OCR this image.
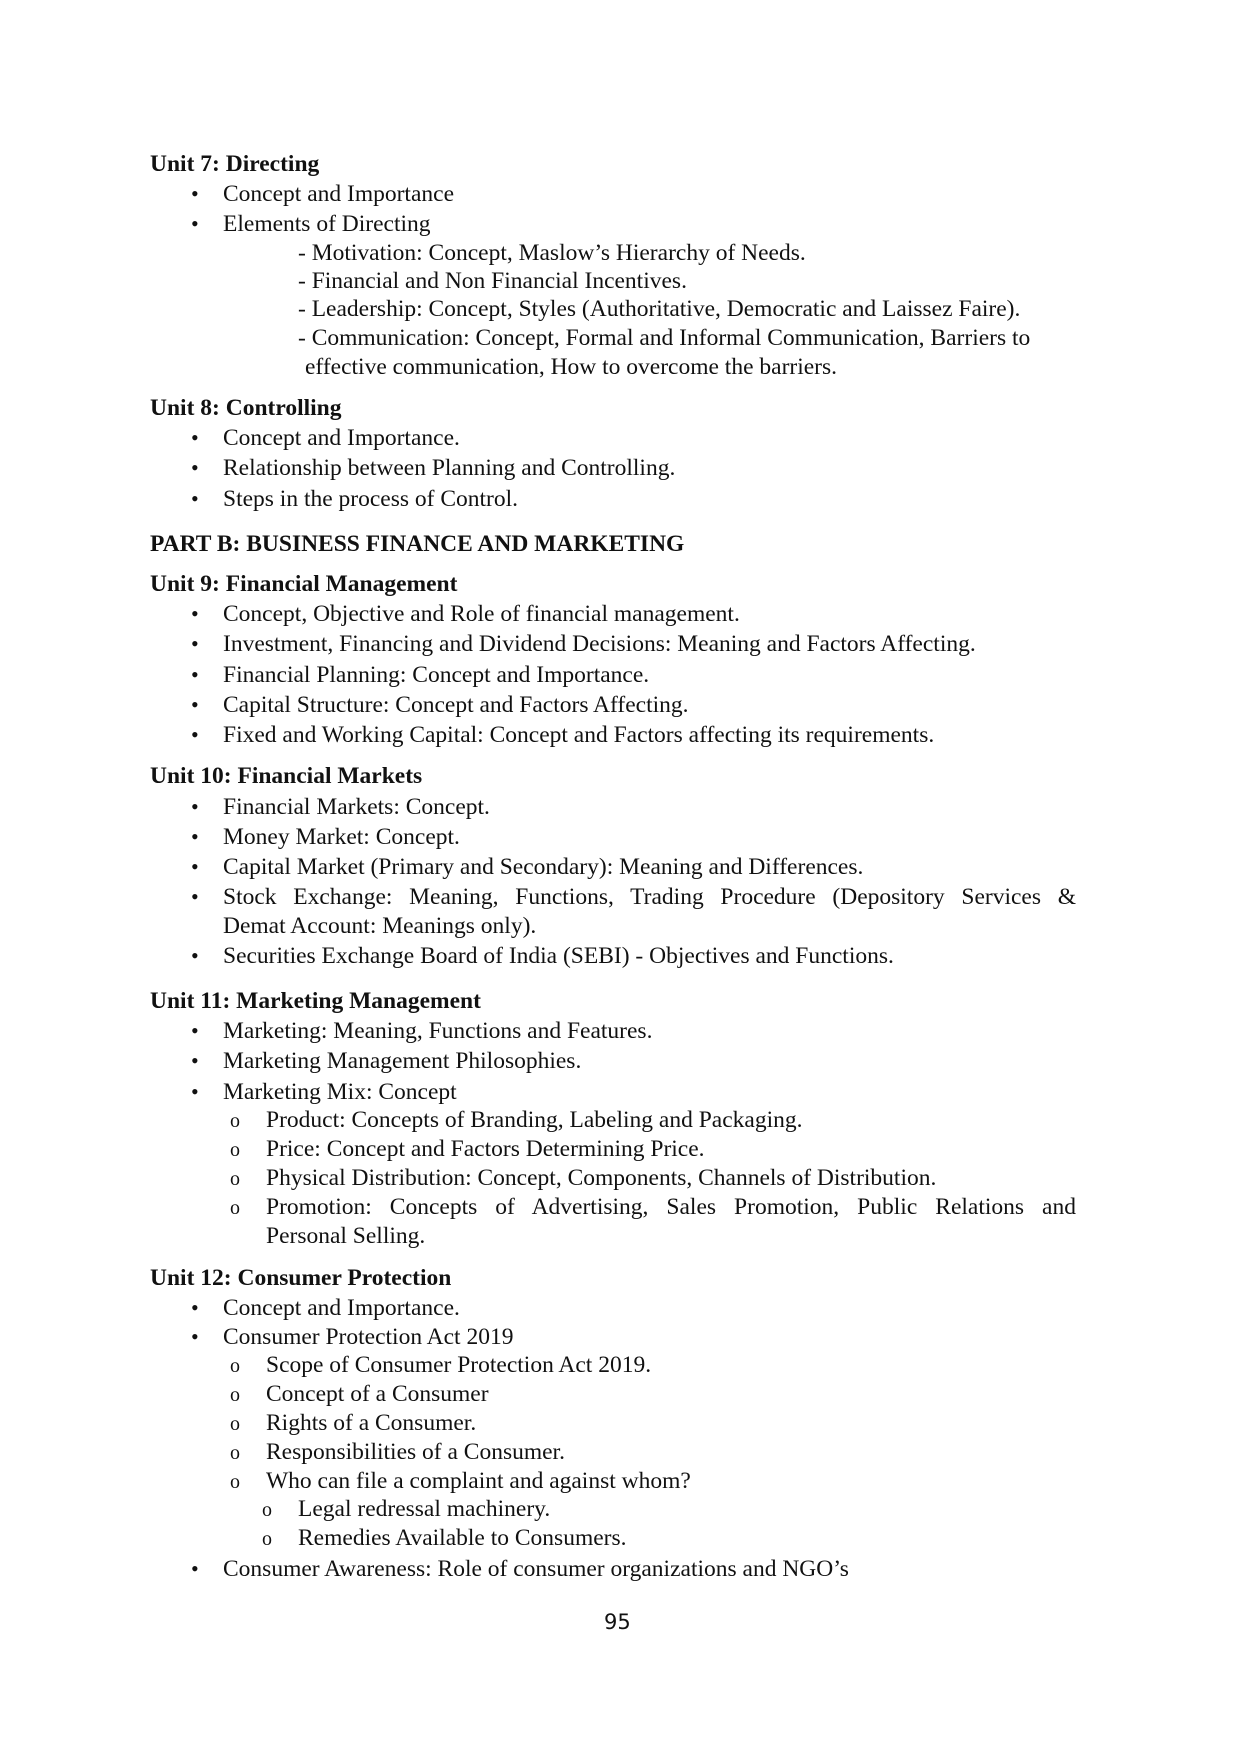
Unit 7: Directing
• Concept and Importance
• Elements of Directing
- Motivation: Concept, Maslow’s Hierarchy of Needs.
- Financial and Non Financial Incentives.
- Leadership: Concept, Styles (Authoritative, Democratic and Laissez Faire).
- Communication: Concept, Formal and Informal Communication, Barriers to
effective communication, How to overcome the barriers.
Unit 8: Controlling
• Concept and Importance.
• Relationship between Planning and Controlling.
• Steps in the process of Control.
PART B: BUSINESS FINANCE AND MARKETING
Unit 9: Financial Management
• Concept, Objective and Role of financial management.
• Investment, Financing and Dividend Decisions: Meaning and Factors Affecting.
• Financial Planning: Concept and Importance.
• Capital Structure: Concept and Factors Affecting.
• Fixed and Working Capital: Concept and Factors affecting its requirements.
Unit 10: Financial Markets
• Financial Markets: Concept.
• Money Market: Concept.
• Capital Market (Primary and Secondary): Meaning and Differences.
• Stock Exchange: Meaning, Functions, Trading Procedure (Depository Services &
Demat Account: Meanings only).
• Securities Exchange Board of India (SEBI) - Objectives and Functions.
Unit 11: Marketing Management
• Marketing: Meaning, Functions and Features.
• Marketing Management Philosophies.
• Marketing Mix: Concept
o Product: Concepts of Branding, Labeling and Packaging.
o Price: Concept and Factors Determining Price.
o Physical Distribution: Concept, Components, Channels of Distribution.
o Promotion: Concepts of Advertising, Sales Promotion, Public Relations and
Personal Selling.
Unit 12: Consumer Protection
• Concept and Importance.
• Consumer Protection Act 2019
o Scope of Consumer Protection Act 2019.
o Concept of a Consumer
o Rights of a Consumer.
o Responsibilities of a Consumer.
o Who can file a complaint and against whom?
o Legal redressal machinery.
o Remedies Available to Consumers.
• Consumer Awareness: Role of consumer organizations and NGO’s
95
